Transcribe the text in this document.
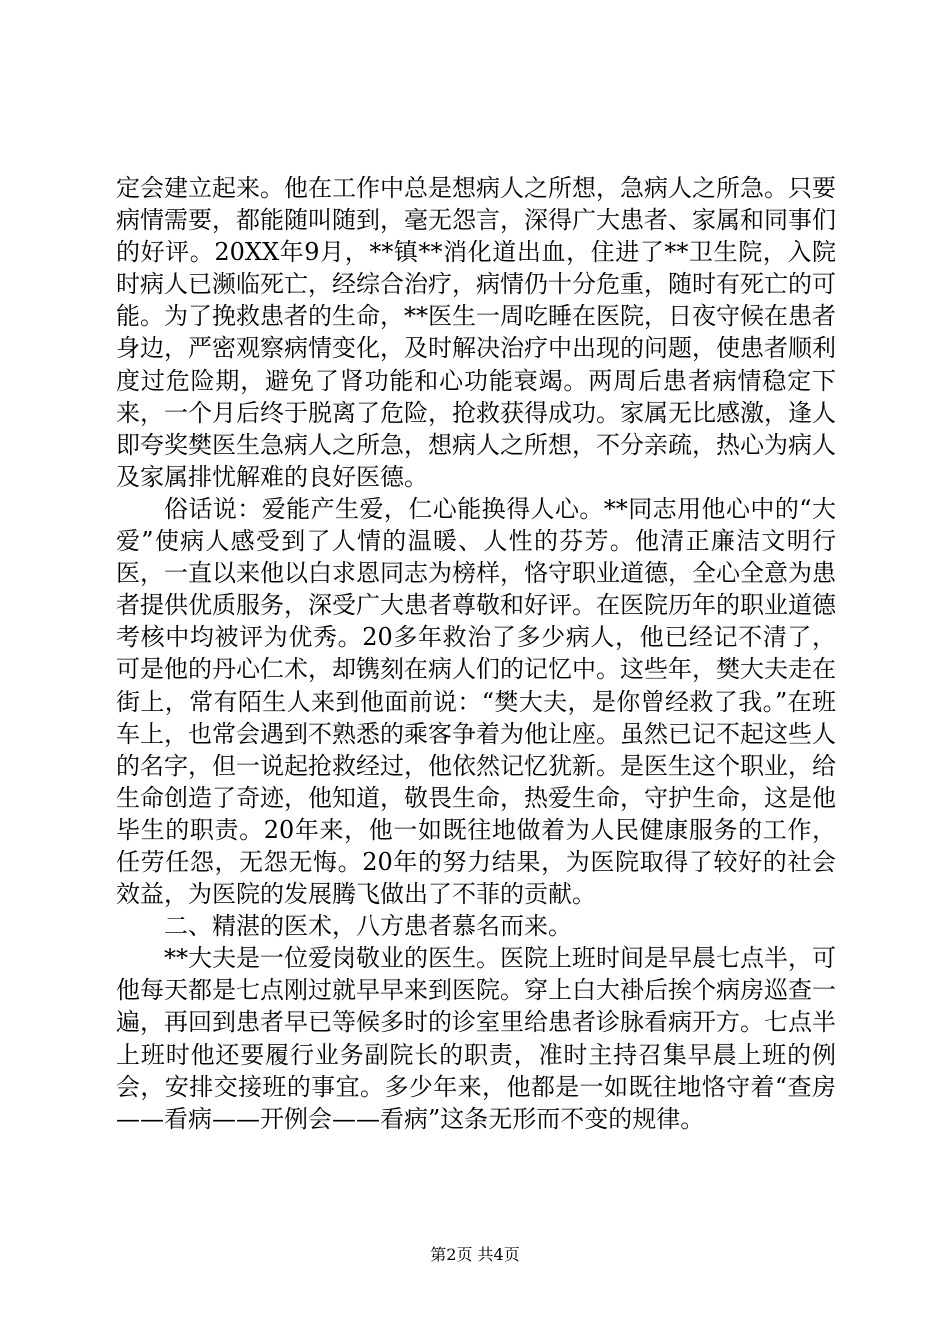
定会建立起来。他在工作中总是想病人之所想，急病人之所急。只要病情需要，都能随叫随到，毫无怨言，深得广大患者、家属和同事们的好评。20XX年9月，**镇**消化道出血，住进了**卫生院，入院时病人已濒临死亡，经综合治疗，病情仍十分危重，随时有死亡的可能。为了挽救患者的生命，**医生一周吃睡在医院，日夜守候在患者身边，严密观察病情变化，及时解决治疗中出现的问题，使患者顺利度过危险期，避免了肾功能和心功能衰竭。两周后患者病情稳定下来，一个月后终于脱离了危险，抢救获得成功。家属无比感激，逢人即夸奖樊医生急病人之所急，想病人之所想，不分亲疏，热心为病人及家属排忧解难的良好医德。

俗话说：爱能产生爱，仁心能换得人心。**同志用他心中的“大爱”使病人感受到了人情的温暖、人性的芬芳。他清正廉洁文明行医，一直以来他以白求恩同志为榜样，恪守职业道德，全心全意为患者提供优质服务，深受广大患者尊敬和好评。在医院历年的职业道德考核中均被评为优秀。20多年救治了多少病人，他已经记不清了，可是他的丹心仁术，却镌刻在病人们的记忆中。这些年，樊大夫走在街上，常有陌生人来到他面前说：“樊大夫，是你曾经救了我。”在班车上，也常会遇到不熟悉的乘客争着为他让座。虽然已记不起这些人的名字，但一说起抢救经过，他依然记忆犹新。是医生这个职业，给生命创造了奇迹，他知道，敬畏生命，热爱生命，守护生命，这是他毕生的职责。20年来，他一如既往地做着为人民健康服务的工作，任劳任怨，无怨无悔。20年的努力结果，为医院取得了较好的社会效益，为医院的发展腾飞做出了不菲的贡献。

二、精湛的医术，八方患者慕名而来。

**大夫是一位爱岗敬业的医生。医院上班时间是早晨七点半，可他每天都是七点刚过就早早来到医院。穿上白大褂后挨个病房巡查一遍，再回到患者早已等候多时的诊室里给患者诊脉看病开方。七点半上班时他还要履行业务副院长的职责，准时主持召集早晨上班的例会，安排交接班的事宜。多少年来，他都是一如既往地恪守着“查房——看病——开例会——看病”这条无形而不变的规律。

第2页 共4页
